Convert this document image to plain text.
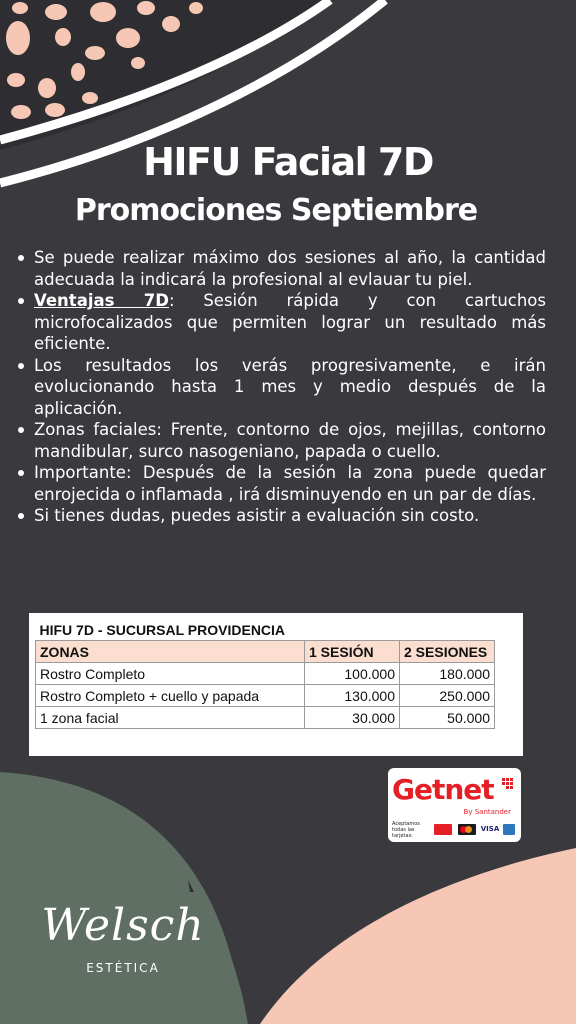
HIFU Facial 7D
Promociones Septiembre
Se puede realizar máximo dos sesiones al año, la cantidad adecuada la indicará la profesional al evlauar tu piel.
Ventajas 7D: Sesión rápida y con cartuchos microfocalizados que permiten lograr un resultado más eficiente.
Los resultados los verás progresivamente, e irán evolucionando hasta 1 mes y medio después de la aplicación.
Zonas faciales: Frente, contorno de ojos, mejillas, contorno mandibular, surco nasogeniano, papada o cuello.
Importante: Después de la sesión la zona puede quedar enrojecida o inflamada , irá disminuyendo en un par de días.
Si tienes dudas, puedes asistir a evaluación sin costo.
HIFU 7D - SUCURSAL PROVIDENCIA		
ZONAS	1 SESIÓN	2 SESIONES
Rostro Completo	100.000	180.000
Rostro Completo + cuello y papada	130.000	250.000
1 zona facial	30.000	50.000
Getnet
By Santander
Aceptamos todas las tarjetas:
VISA
Welsch
ESTÉTICA
